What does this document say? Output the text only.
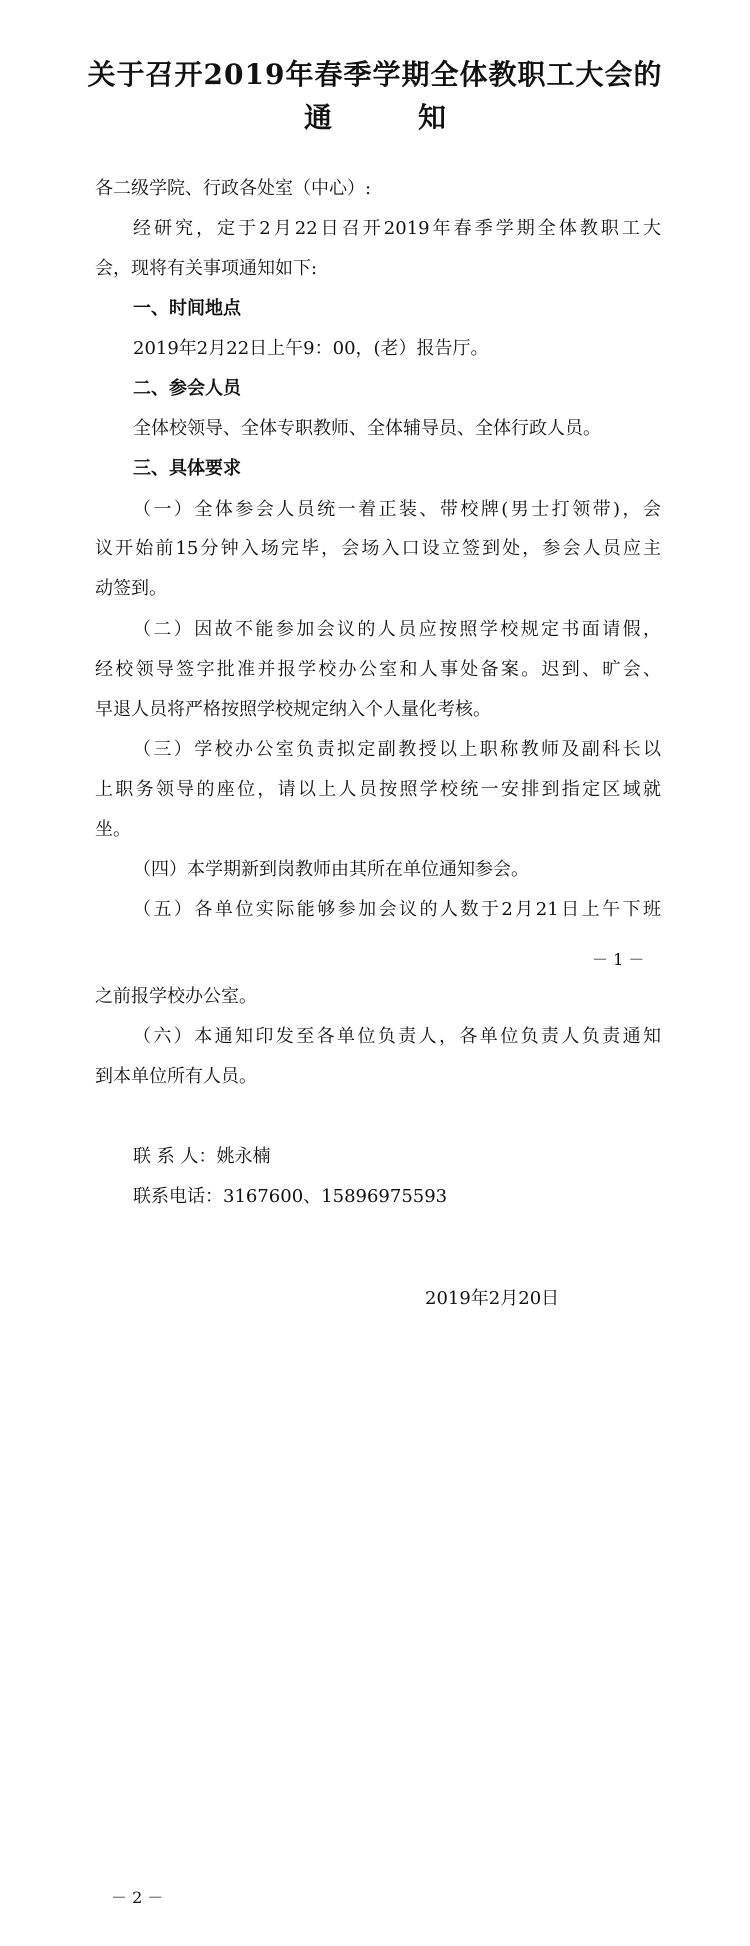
关于召开2019年春季学期全体教职工大会的
通	知
各二级学院、行政各处室（中心）:
经研究，定于2月22日召开2019年春季学期全体教职工大
会，现将有关事项通知如下:
一、时间地点
2019年2月22日上午9：00，(老）报告厅。
二、参会人员
全体校领导、全体专职教师、全体辅导员、全体行政人员。
三、具体要求
（一）全体参会人员统一着正装、带校牌(男士打领带)，会
议开始前15分钟入场完毕，会场入口设立签到处，参会人员应主
动签到。
（二）因故不能参加会议的人员应按照学校规定书面请假，
经校领导签字批准并报学校办公室和人事处备案。迟到、旷会、
早退人员将严格按照学校规定纳入个人量化考核。
（三）学校办公室负责拟定副教授以上职称教师及副科长以
上职务领导的座位，请以上人员按照学校统一安排到指定区域就
坐。
（四）本学期新到岗教师由其所在单位通知参会。
（五）各单位实际能够参加会议的人数于2月21日上午下班
－ 1 －
之前报学校办公室。
（六）本通知印发至各单位负责人，各单位负责人负责通知
到本单位所有人员。
联 系 人：姚永楠
联系电话：3167600、15896975593
2019年2月20日
－ 2 －
